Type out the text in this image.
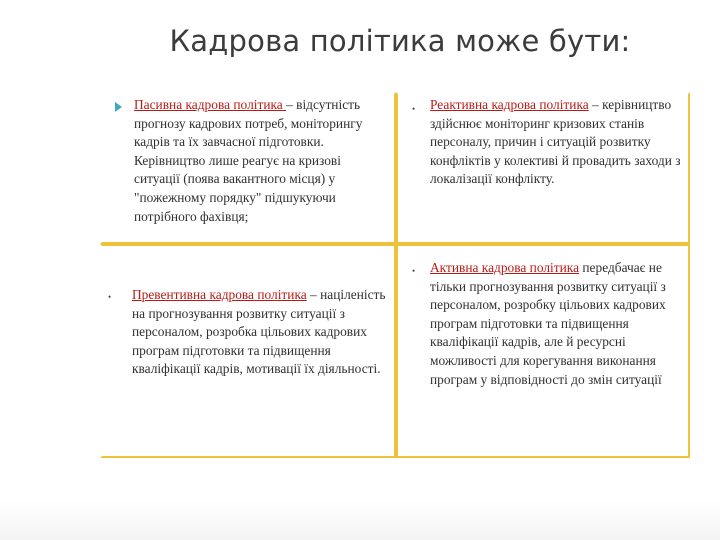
Кадрова політика може бути:
Пасивна кадрова політика – відсутність прогнозу кадрових потреб, моніторингу кадрів та їх завчасної підготовки. Керівництво лише реагує на кризові ситуації (поява вакантного місця) у "пожежному порядку" підшукуючи потрібного фахівця;
• Реактивна кадрова політика – керівництво здійснює моніторинг кризових станів персоналу, причин і ситуацій розвитку конфліктів у колективі й провадить заходи з локалізації конфлікту.
• Превентивна кадрова політика – націленість на прогнозування розвитку ситуації з персоналом, розробка цільових кадрових програм підготовки та підвищення кваліфікації кадрів, мотивації їх діяльності.
• Активна кадрова політика передбачає не тільки прогнозування розвитку ситуації з персоналом, розробку цільових кадрових програм підготовки та підвищення кваліфікації кадрів, але й ресурсні можливості для корегування виконання програм у відповідності до змін ситуації
